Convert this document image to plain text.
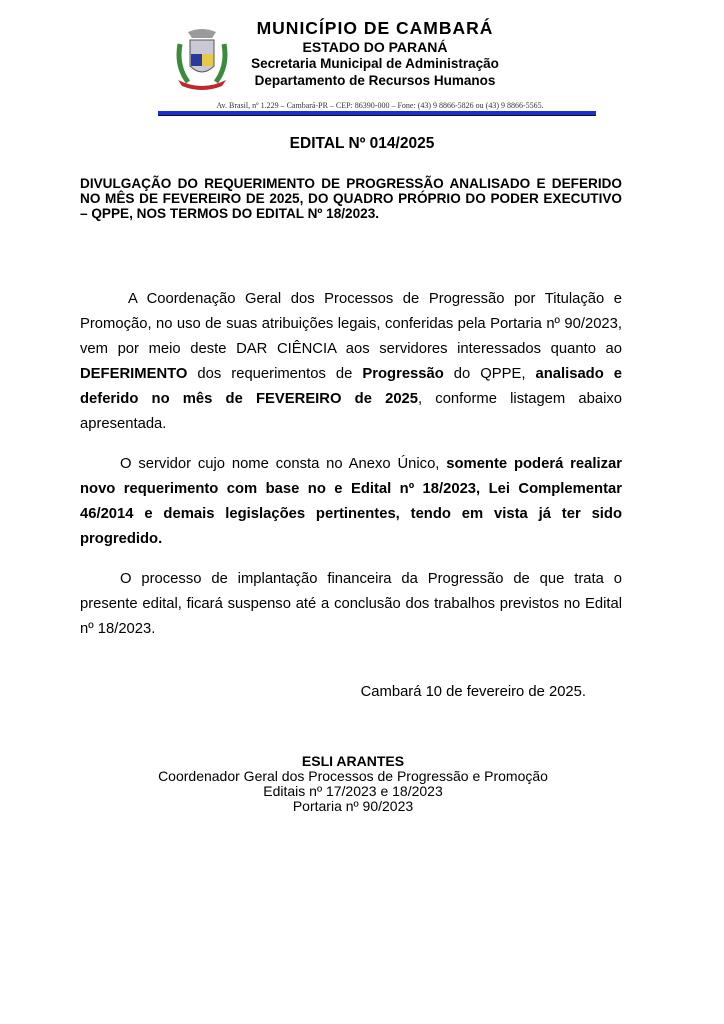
MUNICÍPIO DE CAMBARÁ
ESTADO DO PARANÁ
Secretaria Municipal de Administração
Departamento de Recursos Humanos
Av. Brasil, nº 1.229 – Cambará-PR – CEP: 86390-000 – Fone: (43) 9 8866-5826 ou (43) 9 8866-5565.
EDITAL Nº 014/2025
DIVULGAÇÃO DO REQUERIMENTO DE PROGRESSÃO ANALISADO E DEFERIDO NO MÊS DE FEVEREIRO DE 2025, DO QUADRO PRÓPRIO DO PODER EXECUTIVO – QPPE, NOS TERMOS DO EDITAL Nº 18/2023.
A Coordenação Geral dos Processos de Progressão por Titulação e Promoção, no uso de suas atribuições legais, conferidas pela Portaria nº 90/2023, vem por meio deste DAR CIÊNCIA aos servidores interessados quanto ao DEFERIMENTO dos requerimentos de Progressão do QPPE, analisado e deferido no mês de FEVEREIRO de 2025, conforme listagem abaixo apresentada.
O servidor cujo nome consta no Anexo Único, somente poderá realizar novo requerimento com base no e Edital nº 18/2023, Lei Complementar 46/2014 e demais legislações pertinentes, tendo em vista já ter sido progredido.
O processo de implantação financeira da Progressão de que trata o presente edital, ficará suspenso até a conclusão dos trabalhos previstos no Edital nº 18/2023.
Cambará 10 de fevereiro de 2025.
ESLI ARANTES
Coordenador Geral dos Processos de Progressão e Promoção
Editais nº 17/2023 e 18/2023
Portaria nº 90/2023
